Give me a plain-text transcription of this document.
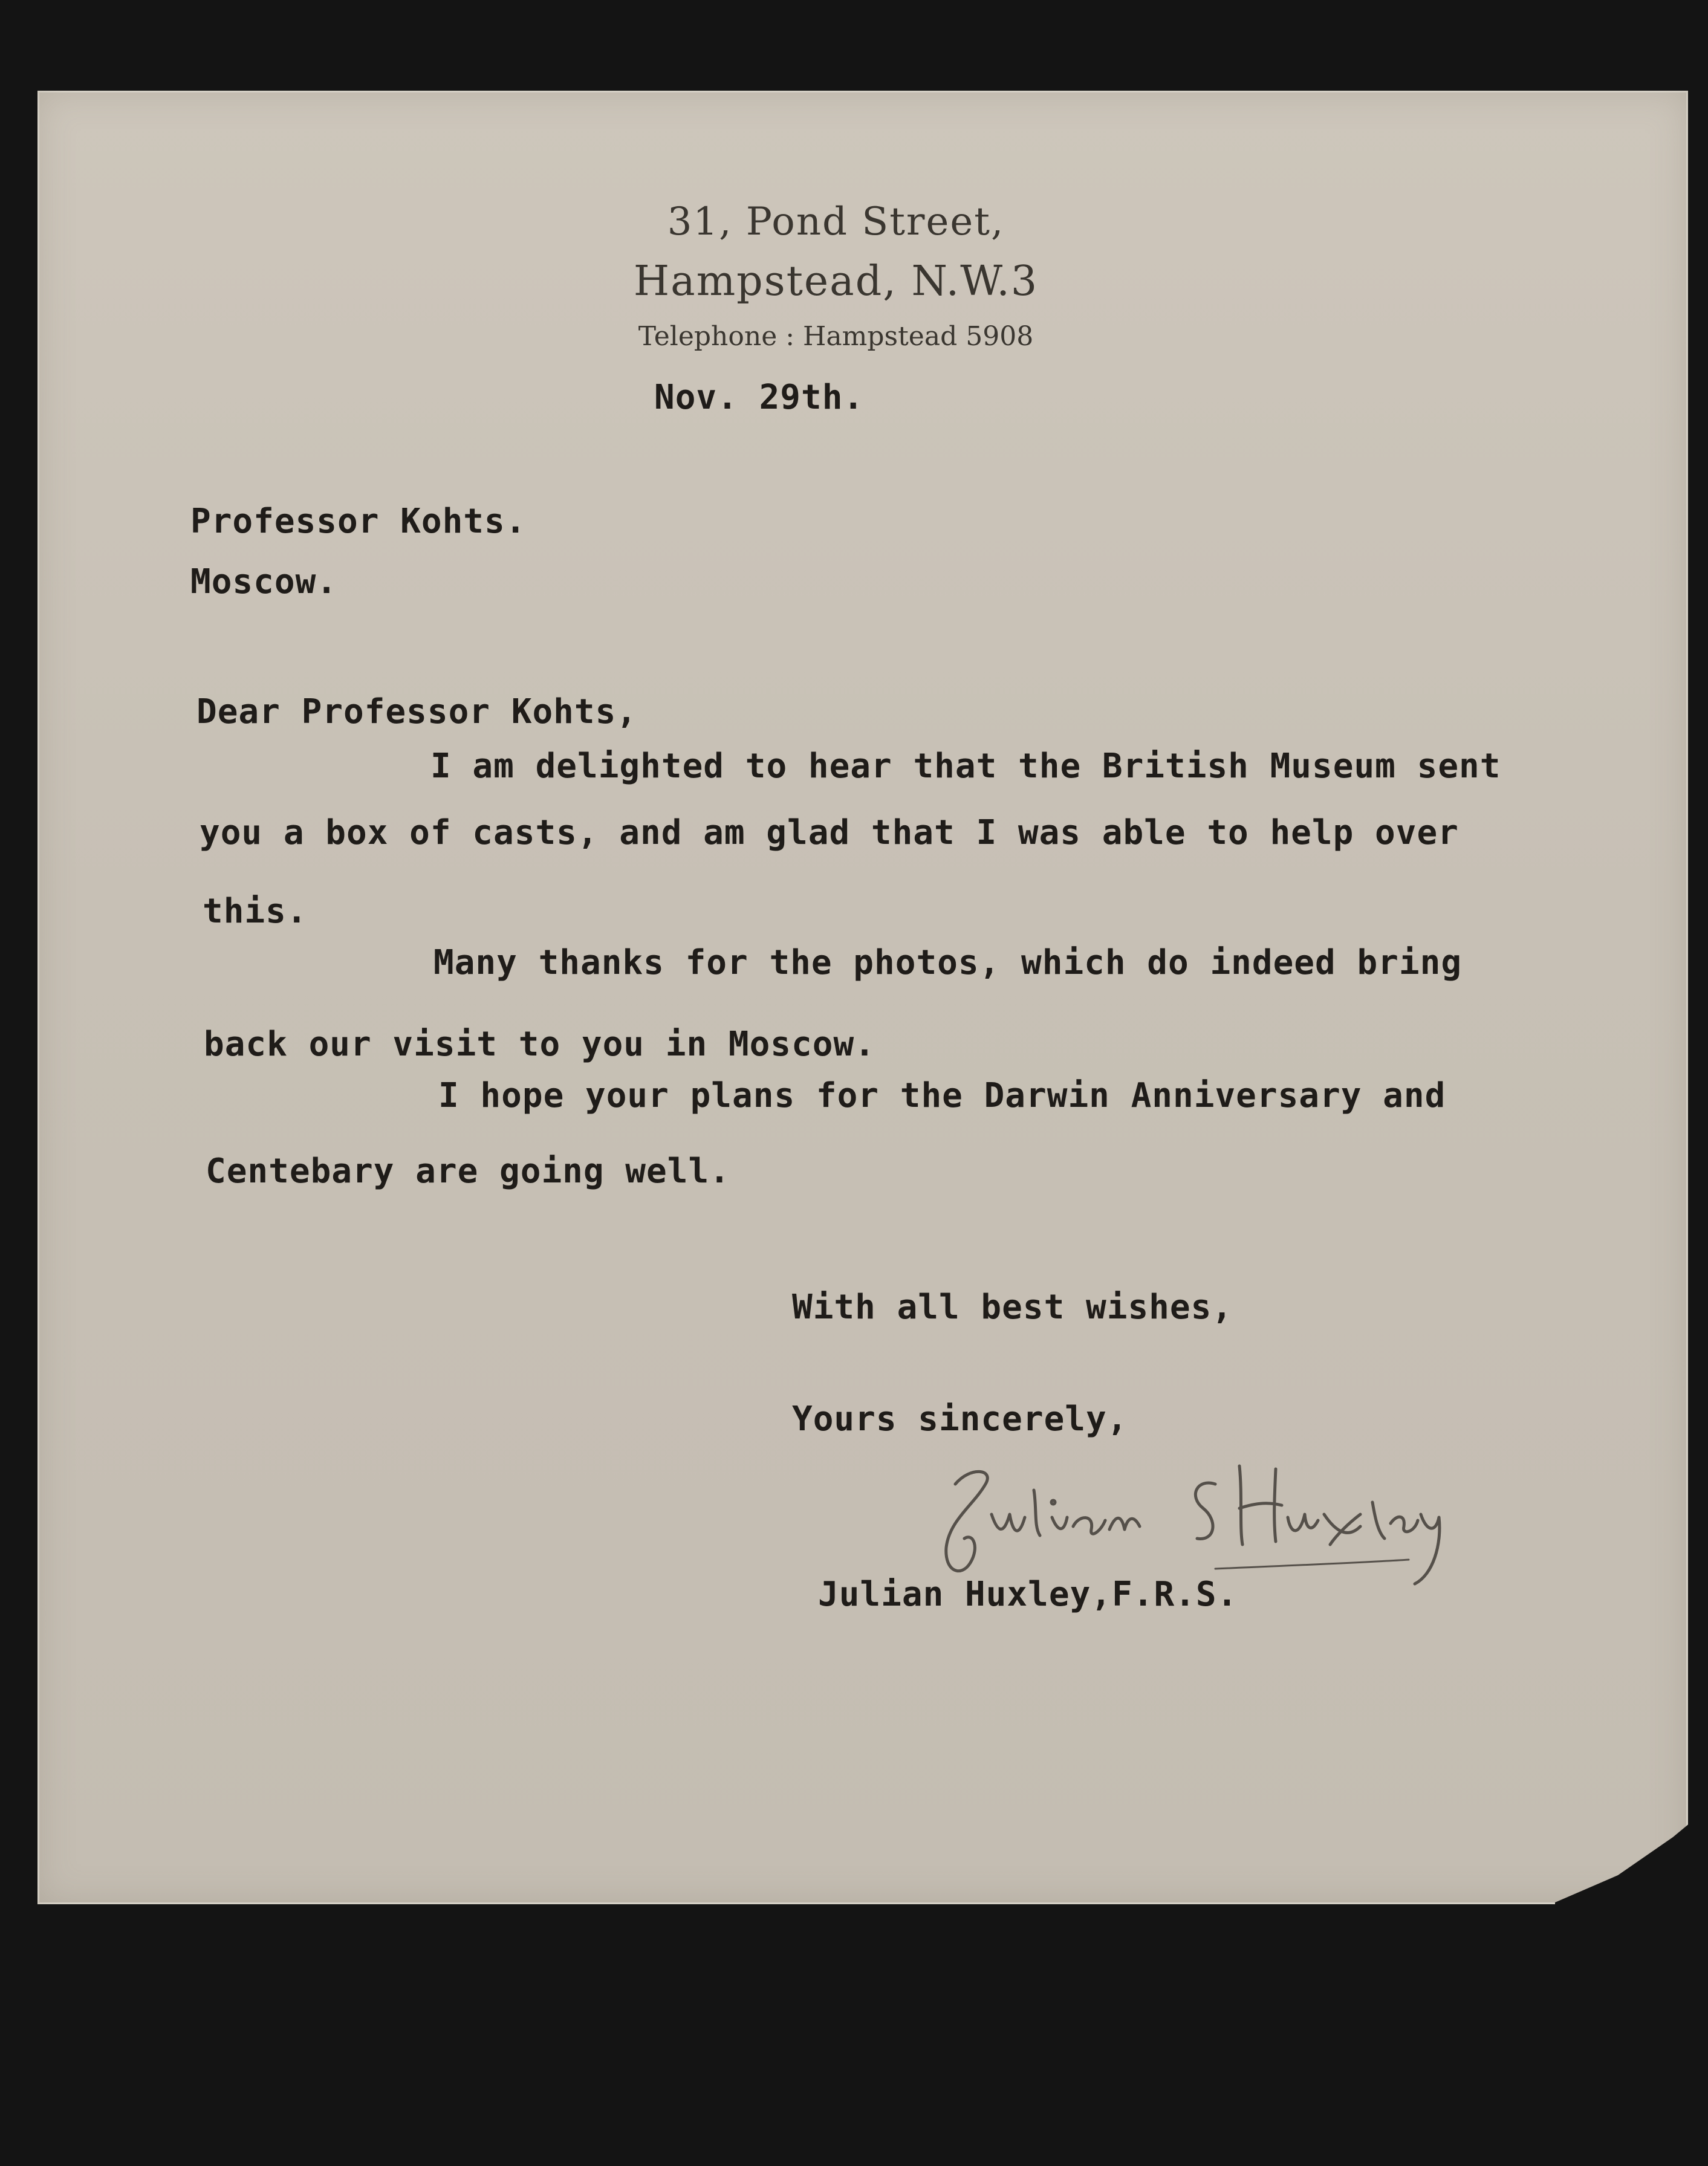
31, Pond Street,
Hampstead, N.W.3
Telephone : Hampstead 5908
Nov. 29th.
Professor Kohts.
Moscow.
Dear Professor Kohts,
I am delighted to hear that the British Museum sent
you a box of casts, and am glad that I was able to help over
this.
Many thanks for the photos, which do indeed bring
back our visit to you in Moscow.
I hope your plans for the Darwin Anniversary and
Centebary are going well.
With all best wishes,
Yours sincerely,
Julian Huxley,F.R.S.
